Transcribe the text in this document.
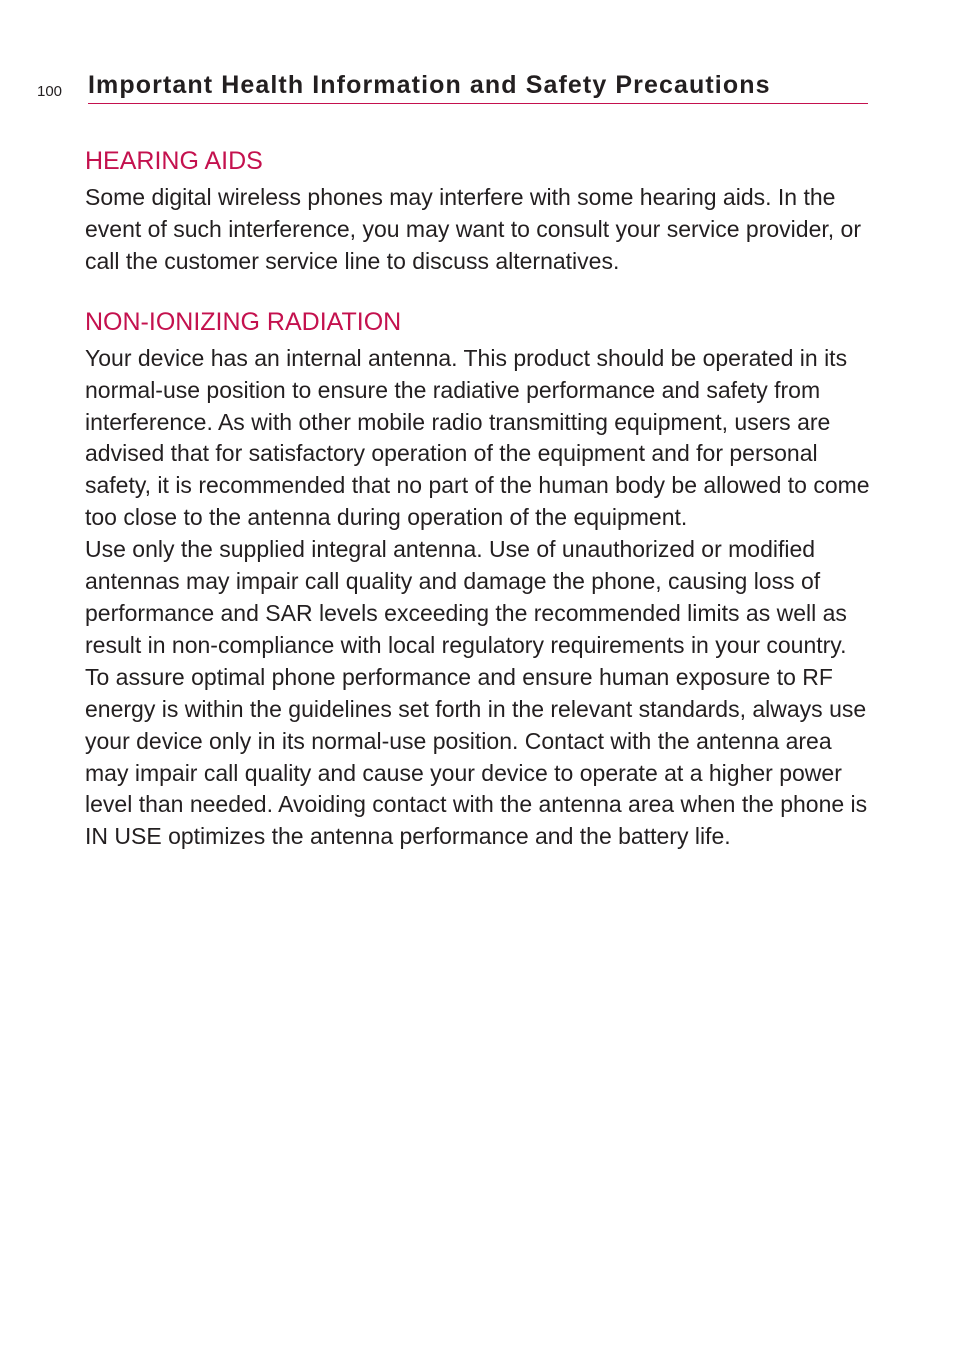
100 Important Health Information and Safety Precautions
HEARING AIDS

Some digital wireless phones may interfere with some hearing aids. In the event of such interference, you may want to consult your service provider, or call the customer service line to discuss alternatives.

NON-IONIZING RADIATION

Your device has an internal antenna. This product should be operated in its normal-use position to ensure the radiative performance and safety from interference. As with other mobile radio transmitting equipment, users are advised that for satisfactory operation of the equipment and for personal safety, it is recommended that no part of the human body be allowed to come too close to the antenna during operation of the equipment.

Use only the supplied integral antenna. Use of unauthorized or modified antennas may impair call quality and damage the phone, causing loss of performance and SAR levels exceeding the recommended limits as well as result in non-compliance with local regulatory requirements in your country.

To assure optimal phone performance and ensure human exposure to RF energy is within the guidelines set forth in the relevant standards, always use your device only in its normal-use position. Contact with the antenna area may impair call quality and cause your device to operate at a higher power level than needed. Avoiding contact with the antenna area when the phone is IN USE optimizes the antenna performance and the battery life.
